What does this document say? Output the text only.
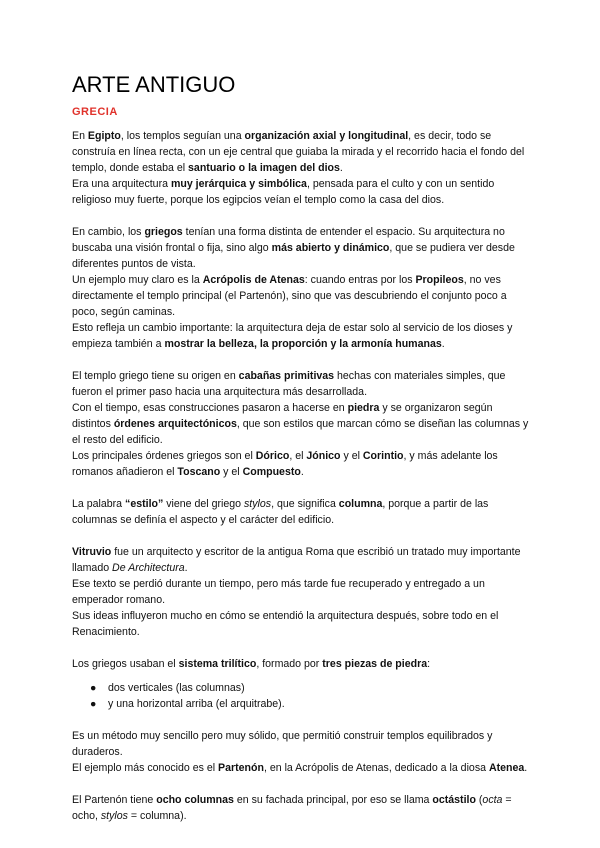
ARTE ANTIGUO
GRECIA

En Egipto, los templos seguían una organización axial y longitudinal, es decir, todo se construía en línea recta, con un eje central que guiaba la mirada y el recorrido hacia el fondo del templo, donde estaba el santuario o la imagen del dios.
Era una arquitectura muy jerárquica y simbólica, pensada para el culto y con un sentido religioso muy fuerte, porque los egipcios veían el templo como la casa del dios.

En cambio, los griegos tenían una forma distinta de entender el espacio. Su arquitectura no buscaba una visión frontal o fija, sino algo más abierto y dinámico, que se pudiera ver desde diferentes puntos de vista.
Un ejemplo muy claro es la Acrópolis de Atenas: cuando entras por los Propileos, no ves directamente el templo principal (el Partenón), sino que vas descubriendo el conjunto poco a poco, según caminas.
Esto refleja un cambio importante: la arquitectura deja de estar solo al servicio de los dioses y empieza también a mostrar la belleza, la proporción y la armonía humanas.

El templo griego tiene su origen en cabañas primitivas hechas con materiales simples, que fueron el primer paso hacia una arquitectura más desarrollada.
Con el tiempo, esas construcciones pasaron a hacerse en piedra y se organizaron según distintos órdenes arquitectónicos, que son estilos que marcan cómo se diseñan las columnas y el resto del edificio.
Los principales órdenes griegos son el Dórico, el Jónico y el Corintio, y más adelante los romanos añadieron el Toscano y el Compuesto.

La palabra “estilo” viene del griego stylos, que significa columna, porque a partir de las columnas se definía el aspecto y el carácter del edificio.

Vitruvio fue un arquitecto y escritor de la antigua Roma que escribió un tratado muy importante llamado De Architectura.
Ese texto se perdió durante un tiempo, pero más tarde fue recuperado y entregado a un emperador romano.
Sus ideas influyeron mucho en cómo se entendió la arquitectura después, sobre todo en el Renacimiento.

Los griegos usaban el sistema trilítico, formado por tres piezas de piedra:

● dos verticales (las columnas)
● y una horizontal arriba (el arquitrabe).

Es un método muy sencillo pero muy sólido, que permitió construir templos equilibrados y duraderos.
El ejemplo más conocido es el Partenón, en la Acrópolis de Atenas, dedicado a la diosa Atenea.

El Partenón tiene ocho columnas en su fachada principal, por eso se llama octástilo (octa = ocho, stylos = columna).
